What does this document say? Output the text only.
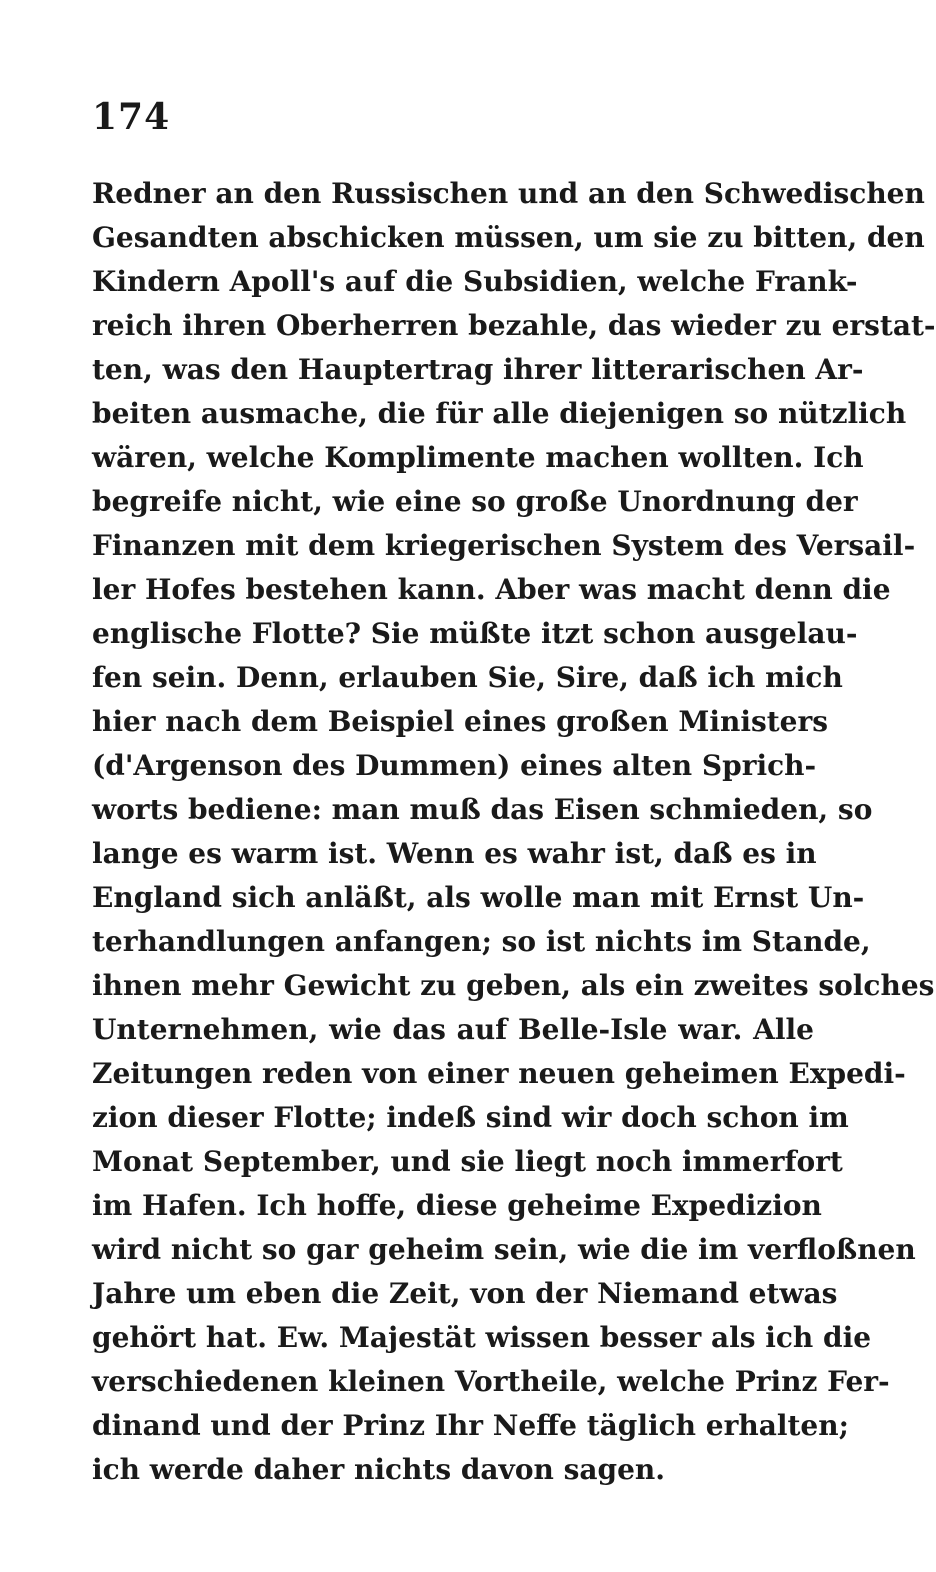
174
Redner an den Russischen und an den Schwedischen
Gesandten abschicken müssen, um sie zu bitten, den
Kindern Apoll's auf die Subsidien, welche Frank-
reich ihren Oberherren bezahle, das wieder zu erstat-
ten, was den Hauptertrag ihrer litterarischen Ar-
beiten ausmache, die für alle diejenigen so nützlich
wären, welche Komplimente machen wollten. Ich
begreife nicht, wie eine so große Unordnung der
Finanzen mit dem kriegerischen System des Versail-
ler Hofes bestehen kann. Aber was macht denn die
englische Flotte? Sie müßte itzt schon ausgelau-
fen sein. Denn, erlauben Sie, Sire, daß ich mich
hier nach dem Beispiel eines großen Ministers
(d'Argenson des Dummen) eines alten Sprich-
worts bediene: man muß das Eisen schmieden, so
lange es warm ist. Wenn es wahr ist, daß es in
England sich anläßt, als wolle man mit Ernst Un-
terhandlungen anfangen; so ist nichts im Stande,
ihnen mehr Gewicht zu geben, als ein zweites solches
Unternehmen, wie das auf Belle-Isle war. Alle
Zeitungen reden von einer neuen geheimen Expedi-
zion dieser Flotte; indeß sind wir doch schon im
Monat September, und sie liegt noch immerfort
im Hafen. Ich hoffe, diese geheime Expedizion
wird nicht so gar geheim sein, wie die im verfloßnen
Jahre um eben die Zeit, von der Niemand etwas
gehört hat. Ew. Majestät wissen besser als ich die
verschiedenen kleinen Vortheile, welche Prinz Fer-
dinand und der Prinz Ihr Neffe täglich erhalten;
ich werde daher nichts davon sagen.
